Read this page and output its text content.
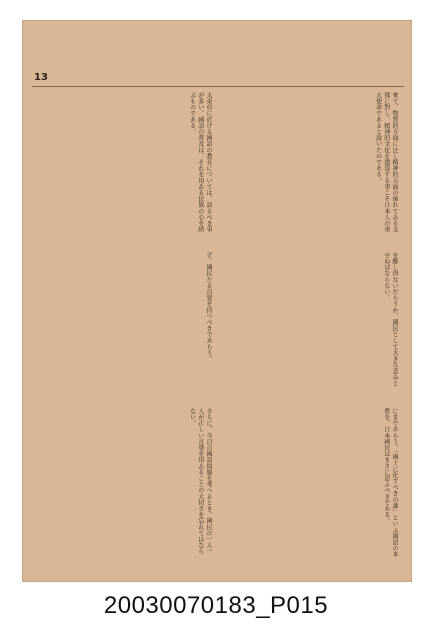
13
來て、物質的方面に比し精神的方面の後れてゐる支那に對し、精神的文化を建設する事こそ日本人の重大使命であると說いたのである。
大東亞に於ける國語の教育については、語るべき事が多い。國語の普及は、それを用ゐる民族の心を結ぶものである。
を醒し得ないだらうか、國民として大きな悲みとせねばならない。
ず、國民たる自覺を持つべきであらう。
にまであらう。「國土に化すべきの義」といふ國語の本質を、日本國民はまさに思ふべきである。
さらに、今日の國語問題を考へるとき、國民の一人一人が正しい言葉を用ゐることの大切さを忘れてはならない。
20030070183_P015
